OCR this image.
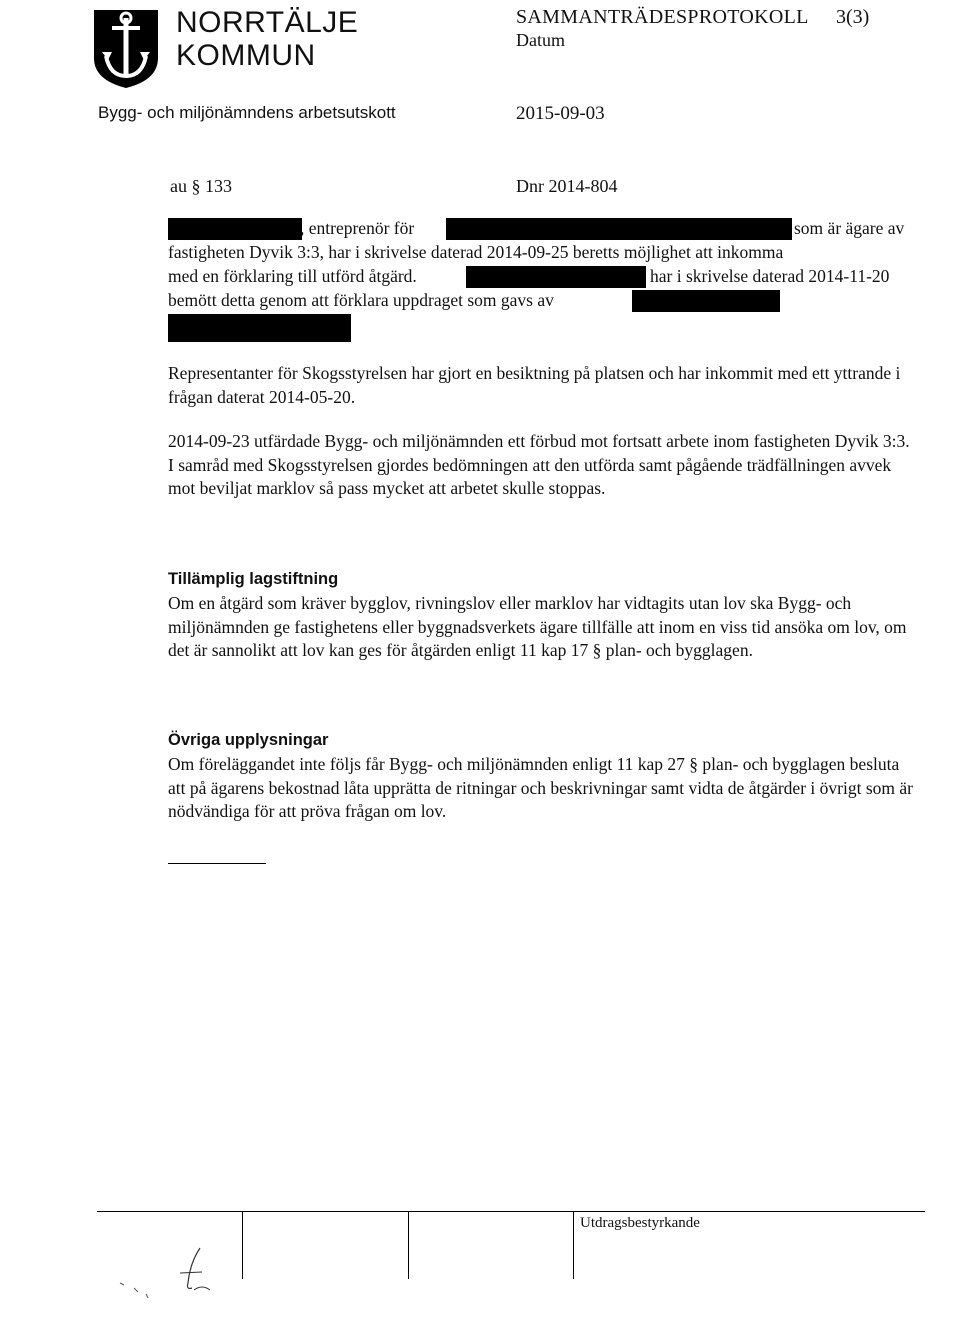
NORRTÄLJE
KOMMUN
SAMMANTRÄDESPROTOKOLL 3(3)
Datum
Bygg- och miljönämndens arbetsutskott	2015-09-03
au § 133	Dnr 2014-804
, entreprenör för	som är ägare av
fastigheten Dyvik 3:3, har i skrivelse daterad 2014-09-25 beretts möjlighet att inkomma
med en förklaring till utförd åtgärd.	har i skrivelse daterad 2014-11-20
bemött detta genom att förklara uppdraget som gavs av
Representanter för Skogsstyrelsen har gjort en besiktning på platsen och har inkommit med ett yttrande i frågan daterat 2014-05-20.
2014-09-23 utfärdade Bygg- och miljönämnden ett förbud mot fortsatt arbete inom fastigheten Dyvik 3:3. I samråd med Skogsstyrelsen gjordes bedömningen att den utförda samt pågående trädfällningen avvek mot beviljat marklov så pass mycket att arbetet skulle stoppas.
Tillämplig lagstiftning
Om en åtgärd som kräver bygglov, rivningslov eller marklov har vidtagits utan lov ska Bygg- och miljönämnden ge fastighetens eller byggnadsverkets ägare tillfälle att inom en viss tid ansöka om lov, om det är sannolikt att lov kan ges för åtgärden enligt 11 kap 17 § plan- och bygglagen.
Övriga upplysningar
Om föreläggandet inte följs får Bygg- och miljönämnden enligt 11 kap 27 § plan- och bygglagen besluta att på ägarens bekostnad låta upprätta de ritningar och beskrivningar samt vidta de åtgärder i övrigt som är nödvändiga för att pröva frågan om lov.
Utdragsbestyrkande
